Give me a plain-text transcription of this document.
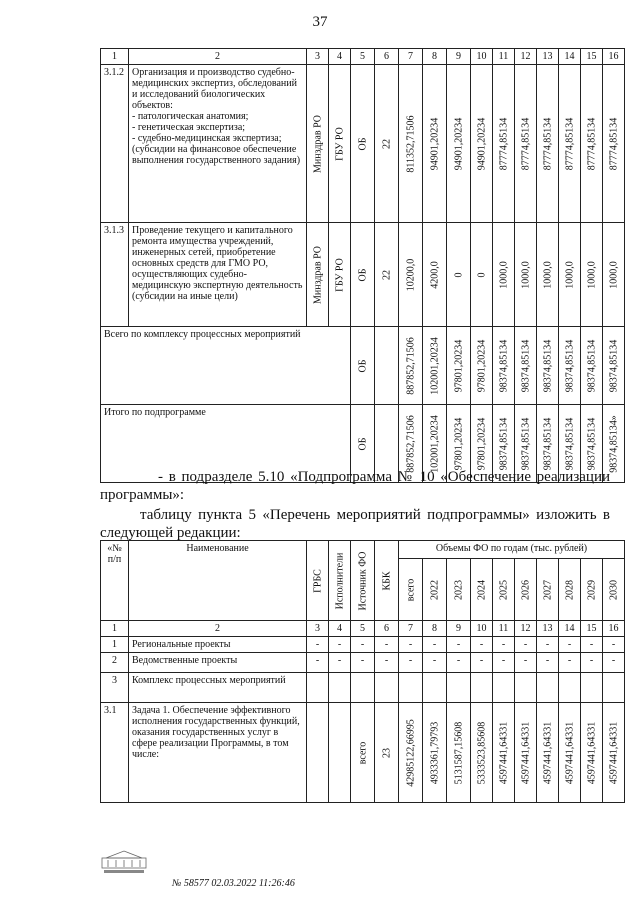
37
1	2	3	4	5	6	7	8	9	10	11	12	13	14	15	16
3.1.2	Организация и производство судебно-медицинских экспертиз, обследований и исследований биологических объектов:
- патологическая анатомия;
- генетическая экспертиза;
- судебно-медицинская экспертиза;
(субсидии на финансовое обеспечение выполнения государственного задания)	Минздрав РО	ГБУ РО	ОБ	22	811352,71506	94901,20234	94901,20234	94901,20234	87774,85134	87774,85134	87774,85134	87774,85134	87774,85134	87774,85134

3.1.3	Проведение текущего и капитального ремонта имущества учреждений, инженерных сетей, приобретение основных средств для ГМО РО, осуществляющих судебно-медицинскую экспертную деятельность
(субсидии на иные цели)	Минздрав РО	ГБУ РО	ОБ	22	10200,0	4200,0	0	0	1000,0	1000,0	1000,0	1000,0	1000,0	1000,0

Всего по комплексу процессных мероприятий				ОБ		887852,71506	102001,20234	97801,20234	97801,20234	98374,85134	98374,85134	98374,85134	98374,85134	98374,85134	98374,85134

Итого по подпрограмме				ОБ		887852,71506	102001,20234	97801,20234	97801,20234	98374,85134	98374,85134	98374,85134	98374,85134	98374,85134	98374,85134»
- в подразделе 5.10 «Подпрограмма № 10 «Обеспечение реализации программы»:
таблицу пункта 5 «Перечень мероприятий подпрограммы» изложить в следующей редакции:
«№ п/п	Наименование	ГРБС	Исполнители	Источник ФО	КБК	Объемы ФО по годам (тыс. рублей)									

						всего	2022	2023	2024	2025	2026	2027	2028	2029	2030

1	2	3	4	5	6	7	8	9	10	11	12	13	14	15	16
1	Региональные проекты	-	-	-	-	-	-	-	-	-	-	-	-	-	-
2	Ведомственные проекты	-	-	-	-	-	-	-	-	-	-	-	-	-	-
3	Комплекс процессных мероприятий														
3.1	Задача 1. Обеспечение эффективного исполнения государственных функций, оказания государственных услуг в сфере реализации Программы, в том числе:			всего	23	42985122,66995	4933361,79793	5131587,15608	5333523,85608	4597441,64331	4597441,64331	4597441,64331	4597441,64331	4597441,64331	4597441,64331
№ 58577 02.03.2022 11:26:46
